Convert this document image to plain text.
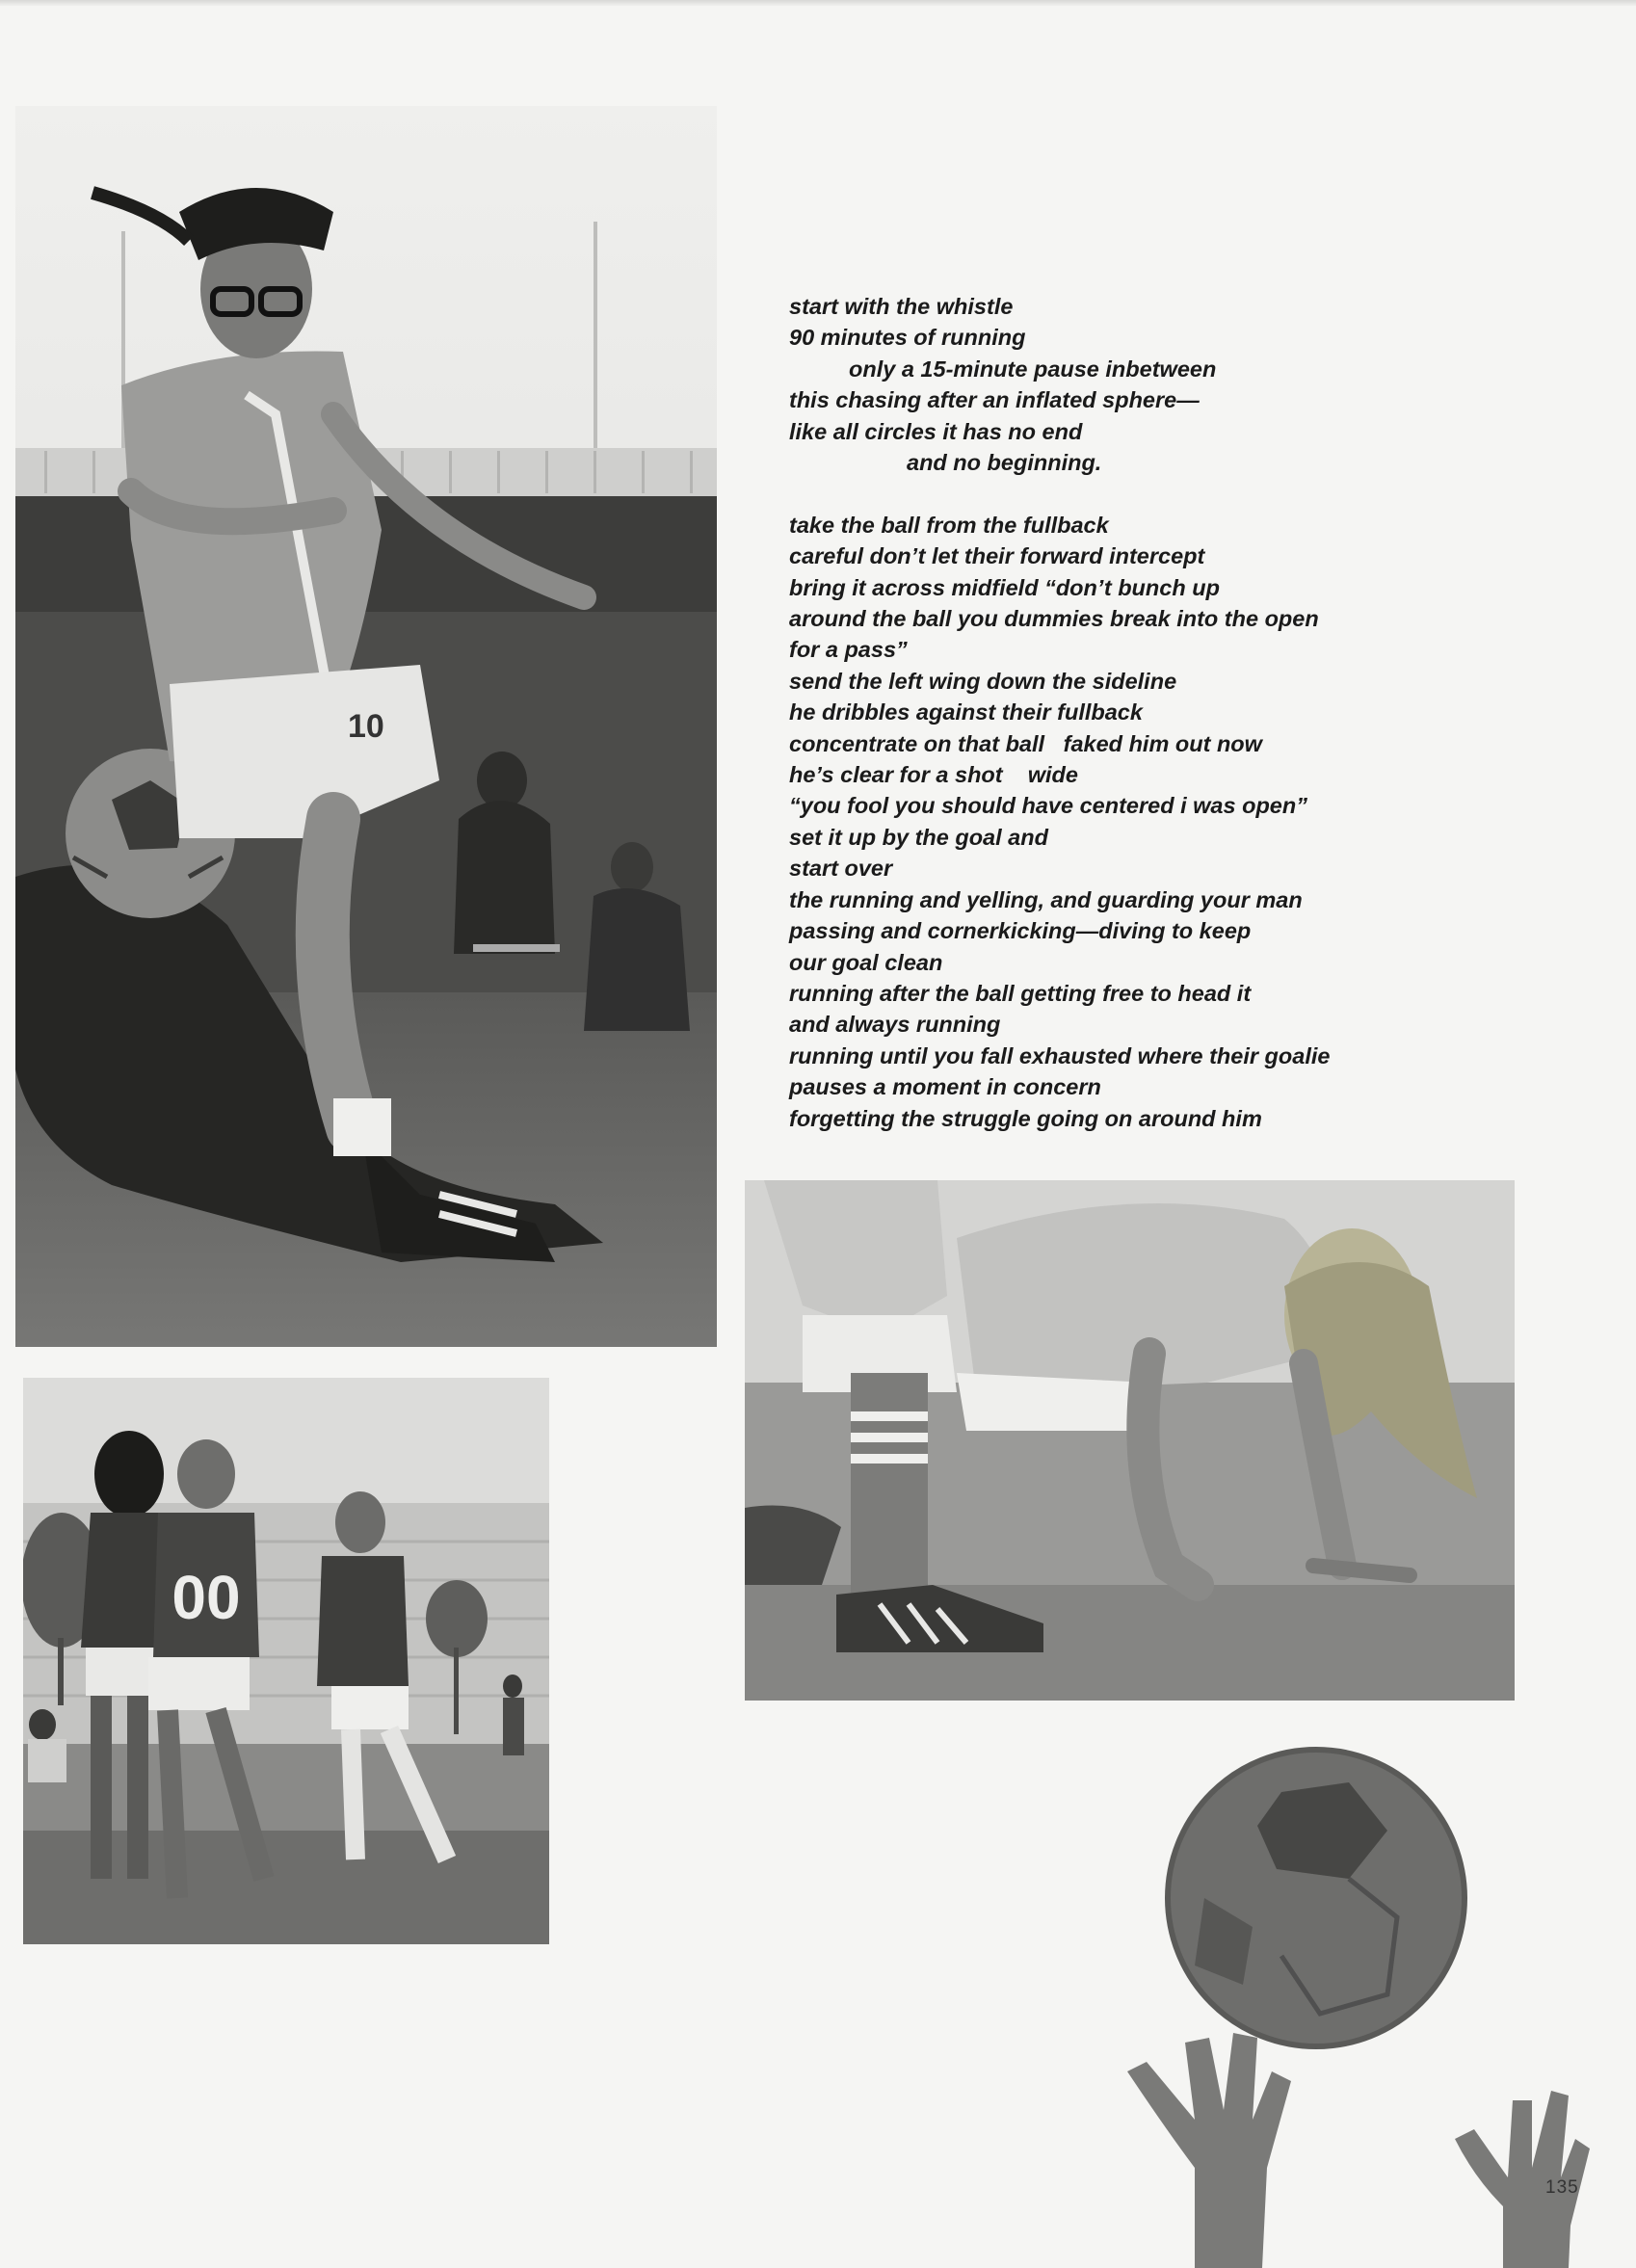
10

start with the whistle
90 minutes of running
only a 15-minute pause inbetween
this chasing after an inflated sphere—
like all circles it has no end
and no beginning.

take the ball from the fullback
careful don’t let their forward intercept
bring it across midfield “don’t bunch up
around the ball you dummies break into the open
for a pass”
send the left wing down the sideline
he dribbles against their fullback
concentrate on that ball   faked him out now
he’s clear for a shot    wide
“you fool you should have centered i was open”
set it up by the goal and
start over
the running and yelling, and guarding your man
passing and cornerkicking—diving to keep
our goal clean
running after the ball getting free to head it
and always running
running until you fall exhausted where their goalie
pauses a moment in concern
forgetting the struggle going on around him

00
135
